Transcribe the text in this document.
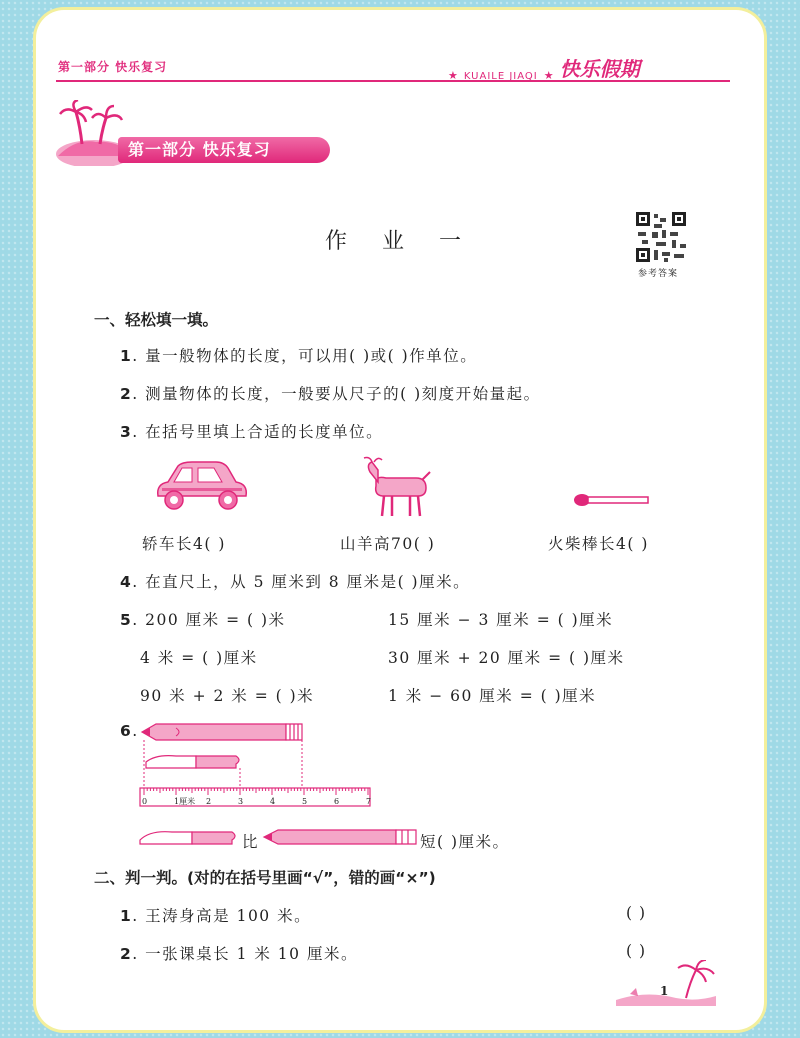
第一部分 快乐复习
★ KUAILE JIAQI ★ 快乐假期
第一部分 快乐复习
作 业 一
参考答案
一、轻松填一填。
1. 量一般物体的长度，可以用( )或( )作单位。
2. 测量物体的长度，一般要从尺子的( )刻度开始量起。
3. 在括号里填上合适的长度单位。
轿车长4( )	山羊高70( )	火柴棒长4( )
4. 在直尺上，从 5 厘米到 8 厘米是( )厘米。
5. 200 厘米 = ( )米	15 厘米 − 3 厘米 = ( )厘米
4 米 = ( )厘米	30 厘米 + 20 厘米 = ( )厘米
90 米 + 2 米 = ( )米	1 米 − 60 厘米 = ( )厘米
6.
0	1厘米 2	3	4	5	6	7
比	短( )厘米。
二、判一判。(对的在括号里画“√”，错的画“×”)
1. 王涛身高是 100 米。	( )
2. 一张课桌长 1 米 10 厘米。	( )
1
